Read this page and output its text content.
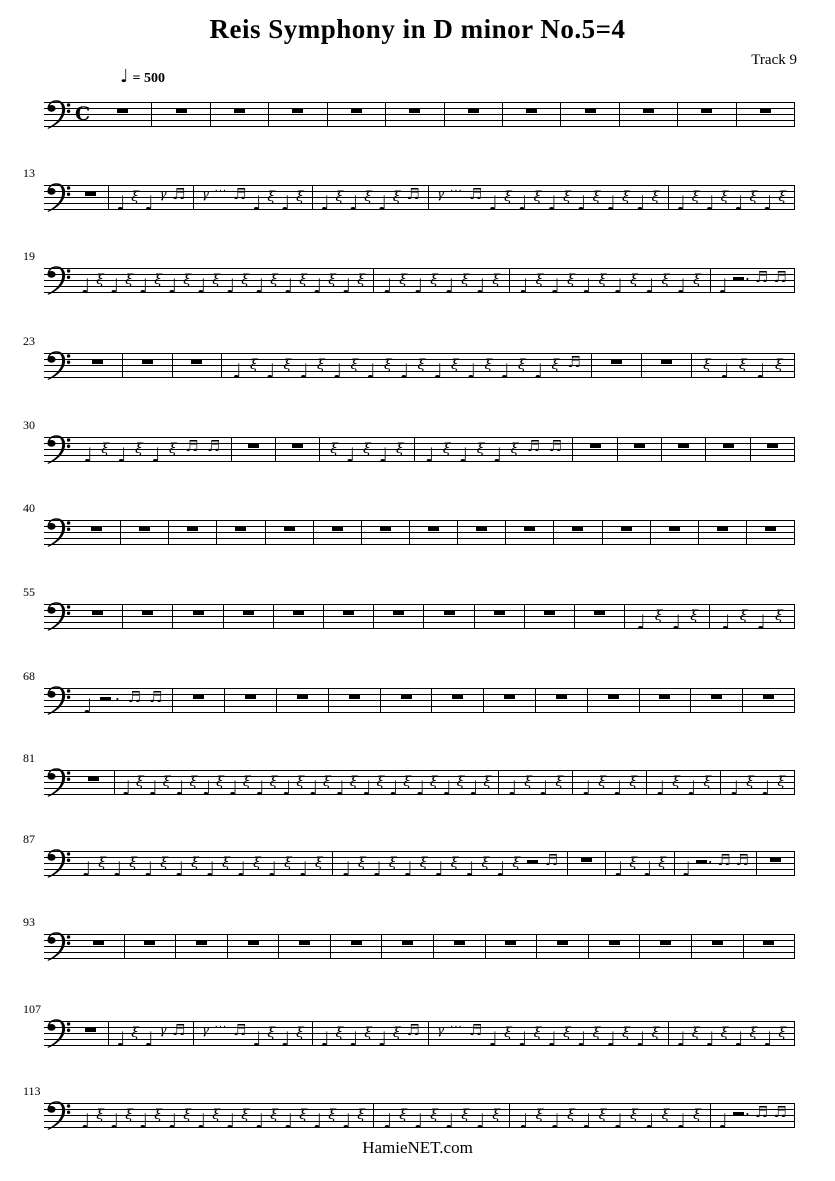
Reis Symphony in D minor No.5=4
Track 9
♩ = 500
C
13
♩ ξ ♩ γ ♬ γ ··· ♬ ♩ ξ ♩ ξ ♩ ξ ♩ ξ ♩ ξ ♬ γ ··· ♬ ♩ ξ ♩ ξ ♩ ξ ♩ ξ ♩ ξ ♩ ξ ♩ ξ ♩ ξ ♩ ξ ♩ ξ
19
♩ ξ ♩ ξ ♩ ξ ♩ ξ ♩ ξ ♩ ξ ♩ ξ ♩ ξ ♩ ξ ♩ ξ ♩ ξ ♩ ξ ♩ ξ ♩ ξ ♩ ξ ♩ ξ ♩ ξ ♩ ξ ♩ ξ ♩ ξ ♩ · ♬ ♬
23
♩ ξ ♩ ξ ♩ ξ ♩ ξ ♩ ξ ♩ ξ ♩ ξ ♩ ξ ♩ ξ ♩ ξ ♬	ξ ♩ ξ ♩ ξ
30
♩ ξ ♩ ξ ♩ ξ ♬ ♬	ξ ♩ ξ ♩ ξ ♩ ξ ♩ ξ ♩ ξ ♬ ♬
40
55
♩ ξ ♩ ξ ♩ ξ ♩ ξ
68
♩ · ♬ ♬
81
♩ ξ ♩ ξ ♩ ξ ♩ ξ ♩ ξ ♩ ξ ♩ ξ ♩ ξ ♩ ξ ♩ ξ ♩ ξ ♩ ξ ♩ ξ ♩ ξ ♩ ξ ♩ ξ ♩ ξ ♩ ξ ♩ ξ ♩ ξ ♩ ξ ♩ ξ
87
♩ ξ ♩ ξ ♩ ξ ♩ ξ ♩ ξ ♩ ξ ♩ ξ ♩ ξ ♩ ξ ♩ ξ ♩ ξ ♩ ξ ♩ ξ ♩ ξ ♬	♩ ξ ♩ ξ ♩ · ♬ ♬
93
107
♩ ξ ♩ γ ♬ γ ··· ♬ ♩ ξ ♩ ξ ♩ ξ ♩ ξ ♩ ξ ♬ γ ··· ♬ ♩ ξ ♩ ξ ♩ ξ ♩ ξ ♩ ξ ♩ ξ ♩ ξ ♩ ξ ♩ ξ ♩ ξ
113
♩ ξ ♩ ξ ♩ ξ ♩ ξ ♩ ξ ♩ ξ ♩ ξ ♩ ξ ♩ ξ ♩ ξ ♩ ξ ♩ ξ ♩ ξ ♩ ξ ♩ ξ ♩ ξ ♩ ξ ♩ ξ ♩ ξ ♩ ξ ♩ · ♬ ♬
HamieNET.com
